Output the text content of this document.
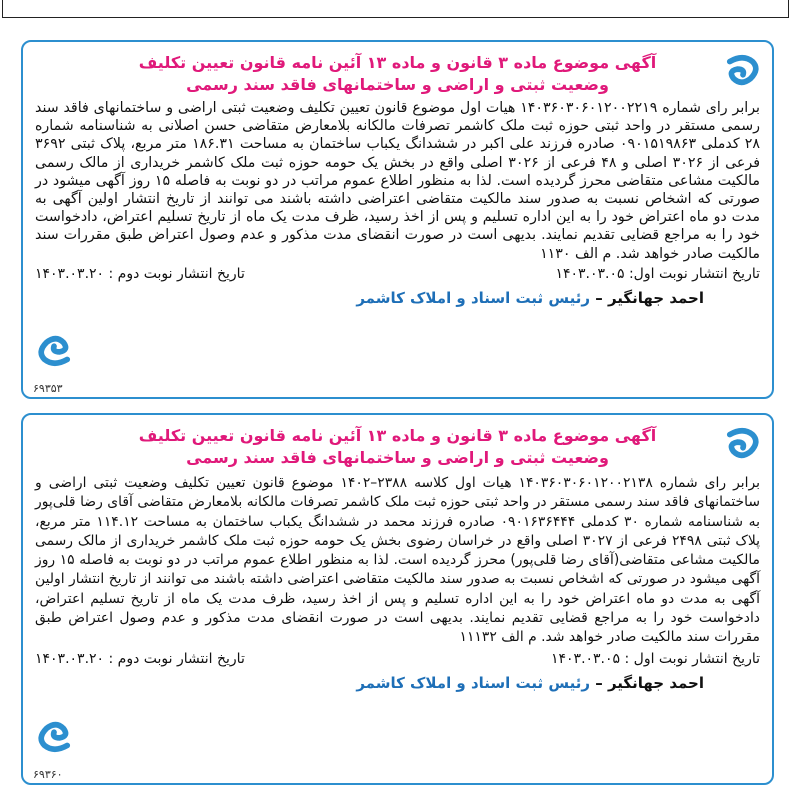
آگهی موضوع ماده ۳ قانون و ماده ۱۳ آئین نامه قانون تعیین تکلیف
وضعیت ثبتی و اراضی و ساختمانهای فاقد سند رسمی
برابر رای شماره ۱۴۰۳۶۰۳۰۶۰۱۲۰۰۲۲۱۹ هیات اول موضوع قانون تعیین تکلیف وضعیت ثبتی اراضی و ساختمانهای فاقد سند رسمی مستقر در واحد ثبتی حوزه ثبت ملک کاشمر تصرفات مالکانه بلامعارض متقاضی حسن اصلانی به شناسنامه شماره ۲۸ کدملی ۰۹۰۱۵۱۹۸۶۳ صادره فرزند علی اکبر در ششدانگ یکباب ساختمان به مساحت ۱۸۶.۳۱ متر مربع، پلاک ثبتی ۳۶۹۲ فرعی از ۳۰۲۶ اصلی و ۴۸ فرعی از ۳۰۲۶ اصلی واقع در بخش یک حومه حوزه ثبت ملک کاشمر خریداری از مالک رسمی مالکیت مشاعی متقاضی محرز گردیده است. لذا به منظور اطلاع عموم مراتب در دو نوبت به فاصله ۱۵ روز آگهی میشود در صورتی که اشخاص نسبت به صدور سند مالکیت متقاضی اعتراضی داشته باشند می توانند از تاریخ انتشار اولین آگهی به مدت دو ماه اعتراض خود را به این اداره تسلیم و پس از اخذ رسید، ظرف مدت یک ماه از تاریخ تسلیم اعتراض، دادخواست خود را به مراجع قضایی تقدیم نمایند. بدیهی است در صورت انقضای مدت مذکور و عدم وصول اعتراض طبق مقررات سند مالکیت صادر خواهد شد. م الف ۱۱۳۰
تاریخ انتشار نوبت اول: ۱۴۰۳.۰۳.۰۵
تاریخ انتشار نوبت دوم : ۱۴۰۳.۰۳.۲۰
احمد جهانگیر – رئیس ثبت اسناد و املاک کاشمر
۶۹۳۵۳
آگهی موضوع ماده ۳ قانون و ماده ۱۳ آئین نامه قانون تعیین تکلیف
وضعیت ثبتی و اراضی و ساختمانهای فاقد سند رسمی
برابر رای شماره ۱۴۰۳۶۰۳۰۶۰۱۲۰۰۲۱۳۸ هیات اول کلاسه ۲۳۸۸–۱۴۰۲ موضوع قانون تعیین تکلیف وضعیت ثبتی اراضی و ساختمانهای فاقد سند رسمی مستقر در واحد ثبتی حوزه ثبت ملک کاشمر تصرفات مالکانه بلامعارض متقاضی آقای رضا قلی‌پور به شناسنامه شماره ۳۰ کدملی ۰۹۰۱۶۳۶۴۴۴ صادره فرزند محمد در ششدانگ یکباب ساختمان به مساحت ۱۱۴.۱۲ متر مربع، پلاک ثبتی ۲۴۹۸ فرعی از ۳۰۲۷ اصلی واقع در خراسان رضوی بخش یک حومه حوزه ثبت ملک کاشمر خریداری از مالک رسمی مالکیت مشاعی متقاضی(آقای رضا قلی‌پور) محرز گردیده است. لذا به منظور اطلاع عموم مراتب در دو نوبت به فاصله ۱۵ روز آگهی میشود در صورتی که اشخاص نسبت به صدور سند مالکیت متقاضی اعتراضی داشته باشند می توانند از تاریخ انتشار اولین آگهی به مدت دو ماه اعتراض خود را به این اداره تسلیم و پس از اخذ رسید، ظرف مدت یک ماه از تاریخ تسلیم اعتراض، دادخواست خود را به مراجع قضایی تقدیم نمایند. بدیهی است در صورت انقضای مدت مذکور و عدم وصول اعتراض طبق مقررات سند مالکیت صادر خواهد شد. م الف ۱۱۱۳۲
تاریخ انتشار نوبت اول : ۱۴۰۳.۰۳.۰۵
تاریخ انتشار نوبت دوم : ۱۴۰۳.۰۳.۲۰
احمد جهانگیر – رئیس ثبت اسناد و املاک کاشمر
۶۹۳۶۰
